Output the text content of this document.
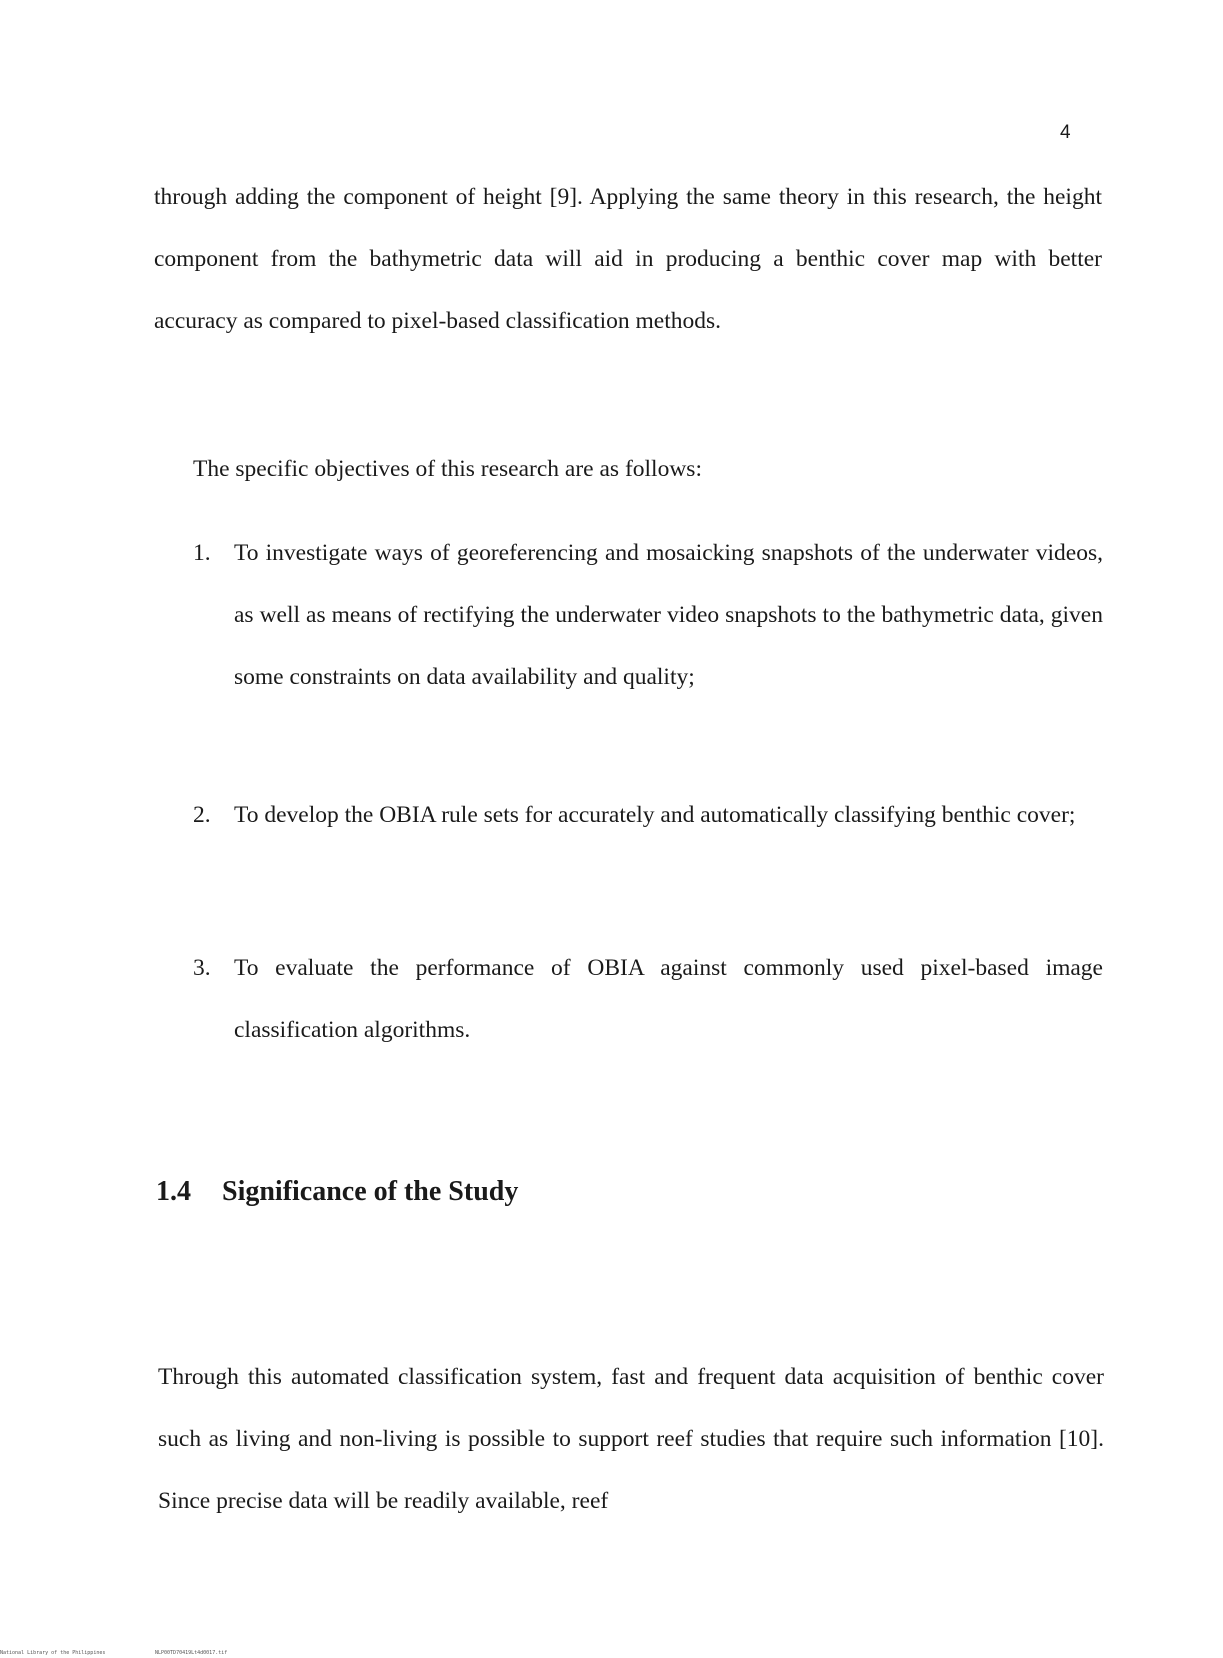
4

through adding the component of height [9]. Applying the same theory in this research, the height component from the bathymetric data will aid in producing a benthic cover map with better accuracy as compared to pixel-based classification methods.

The specific objectives of this research are as follows:

1. To investigate ways of georeferencing and mosaicking snapshots of the underwater videos, as well as means of rectifying the underwater video snapshots to the bathymetric data, given some constraints on data availability and quality;
2. To develop the OBIA rule sets for accurately and automatically classifying benthic cover;
3. To evaluate the performance of OBIA against commonly used pixel-based image classification algorithms.
1.4 Significance of the Study

Through this automated classification system, fast and frequent data acquisition of benthic cover such as living and non-living is possible to support reef studies that require such information [10]. Since precise data will be readily available, reef

National Library of the Philippines	NLP00TD70419Lt4d0017.tif
